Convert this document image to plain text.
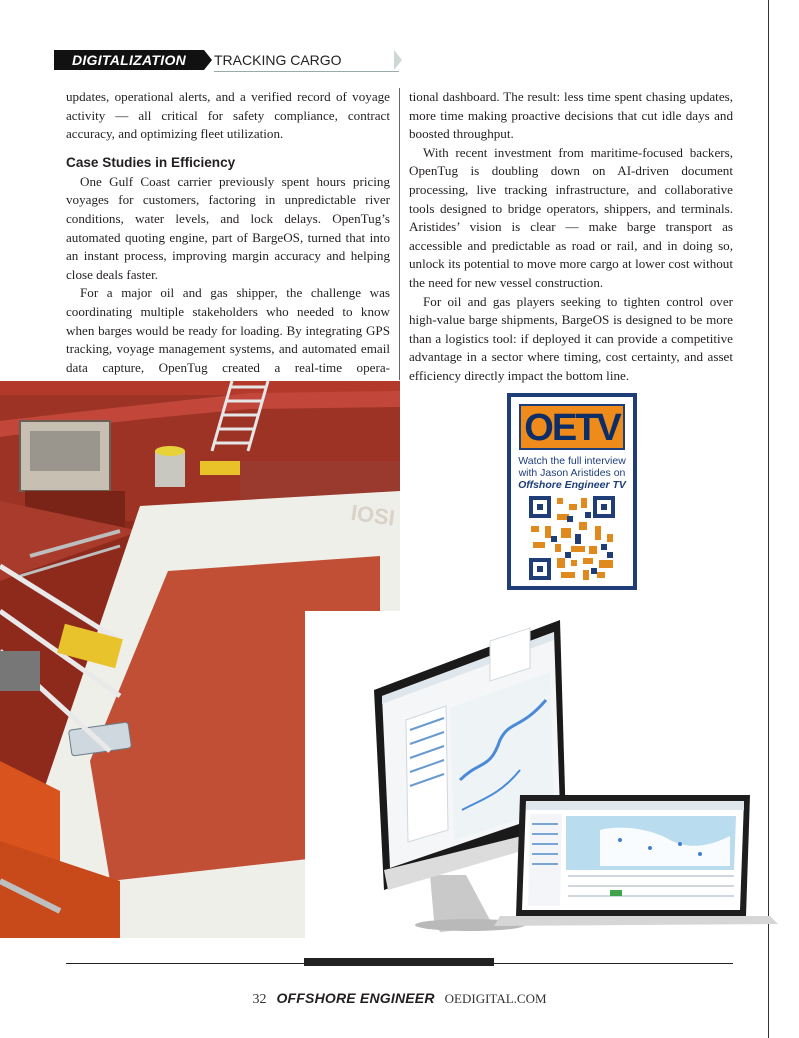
DIGITALIZATION	TRACKING CARGO

updates, operational alerts, and a verified record of voyage activity — all critical for safety compliance, contract accuracy, and optimizing fleet utilization.

Case Studies in Efficiency

One Gulf Coast carrier previously spent hours pricing voyages for customers, factoring in unpredictable river conditions, water levels, and lock delays. OpenTug’s automated quoting engine, part of BargeOS, turned that into an instant process, improving margin accuracy and helping close deals faster.

For a major oil and gas shipper, the challenge was coordinating multiple stakeholders who needed to know when barges would be ready for loading. By integrating GPS tracking, voyage management systems, and automated email data capture, OpenTug created a real-time opera-

tional dashboard. The result: less time spent chasing updates, more time making proactive decisions that cut idle days and boosted throughput.

With recent investment from maritime-focused backers, OpenTug is doubling down on AI-driven document processing, live tracking infrastructure, and collaborative tools designed to bridge operators, shippers, and terminals. Aristides’ vision is clear — make barge transport as accessible and predictable as road or rail, and in doing so, unlock its potential to move more cargo at lower cost without the need for new vessel construction.

For oil and gas players seeking to tighten control over high-value barge shipments, BargeOS is designed to be more than a logistics tool: if deployed it can provide a competitive advantage in a sector where timing, cost certainty, and asset efficiency directly impact the bottom line.

IOSI
OETV
Watch the full interview
with Jason Aristides on
Offshore Engineer TV
32 OFFSHORE ENGINEER OEDIGITAL.COM
